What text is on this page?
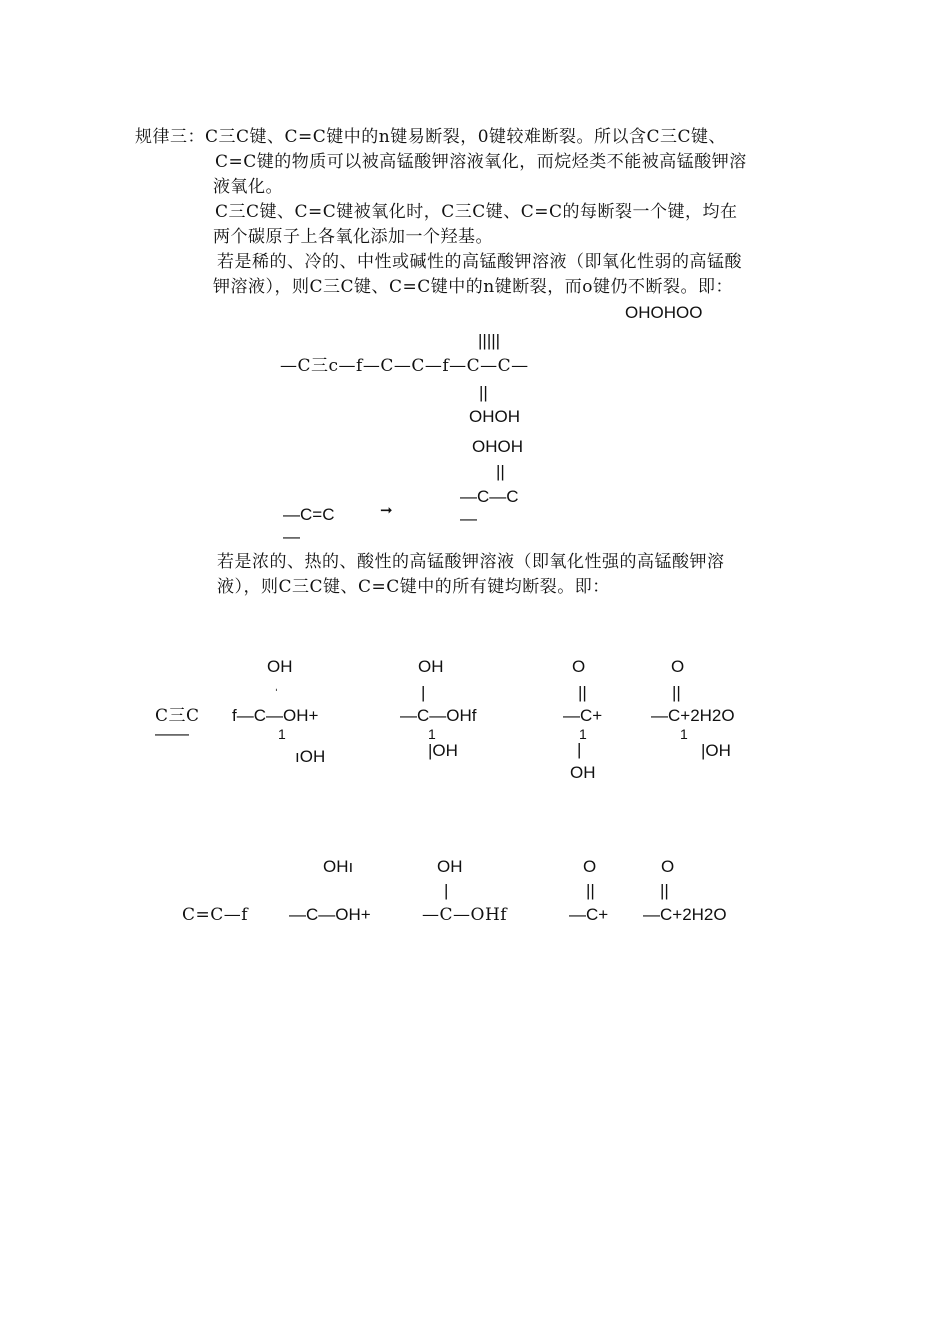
规律三：C三C键、C=C键中的n键易断裂，0键较难断裂。所以含C三C键、
C=C键的物质可以被高锰酸钾溶液氧化，而烷烃类不能被高锰酸钾溶
液氧化。
C三C键、C=C键被氧化时，C三C键、C=C的每断裂一个键，均在
两个碳原子上各氧化添加一个羟基。
若是稀的、冷的、中性或碱性的高锰酸钾溶液（即氧化性弱的高锰酸
钾溶液），则C三C键、C=C键中的n键断裂，而o键仍不断裂。即：
OHOHOO
|||||
—C三c—f—C—C—f—C—C—
||
OHOH
OHOH
||
—C—C
—
—C=C
—
➞
若是浓的、热的、酸性的高锰酸钾溶液（即氧化性强的高锰酸钾溶
液），则C三C键、C=C键中的所有键均断裂。即：
C三C
——
OH
ˈ
f—C—OH+
1
ıOH
OH
|
—C—OHf
1
|OH
O
||
—C+
1
|
OH
O
||
—C+2H2O
1
|OH
C=C—f
OHı
—C—OH+
OH
|
—C—OHf
O
||
—C+
O
||
—C+2H2O
